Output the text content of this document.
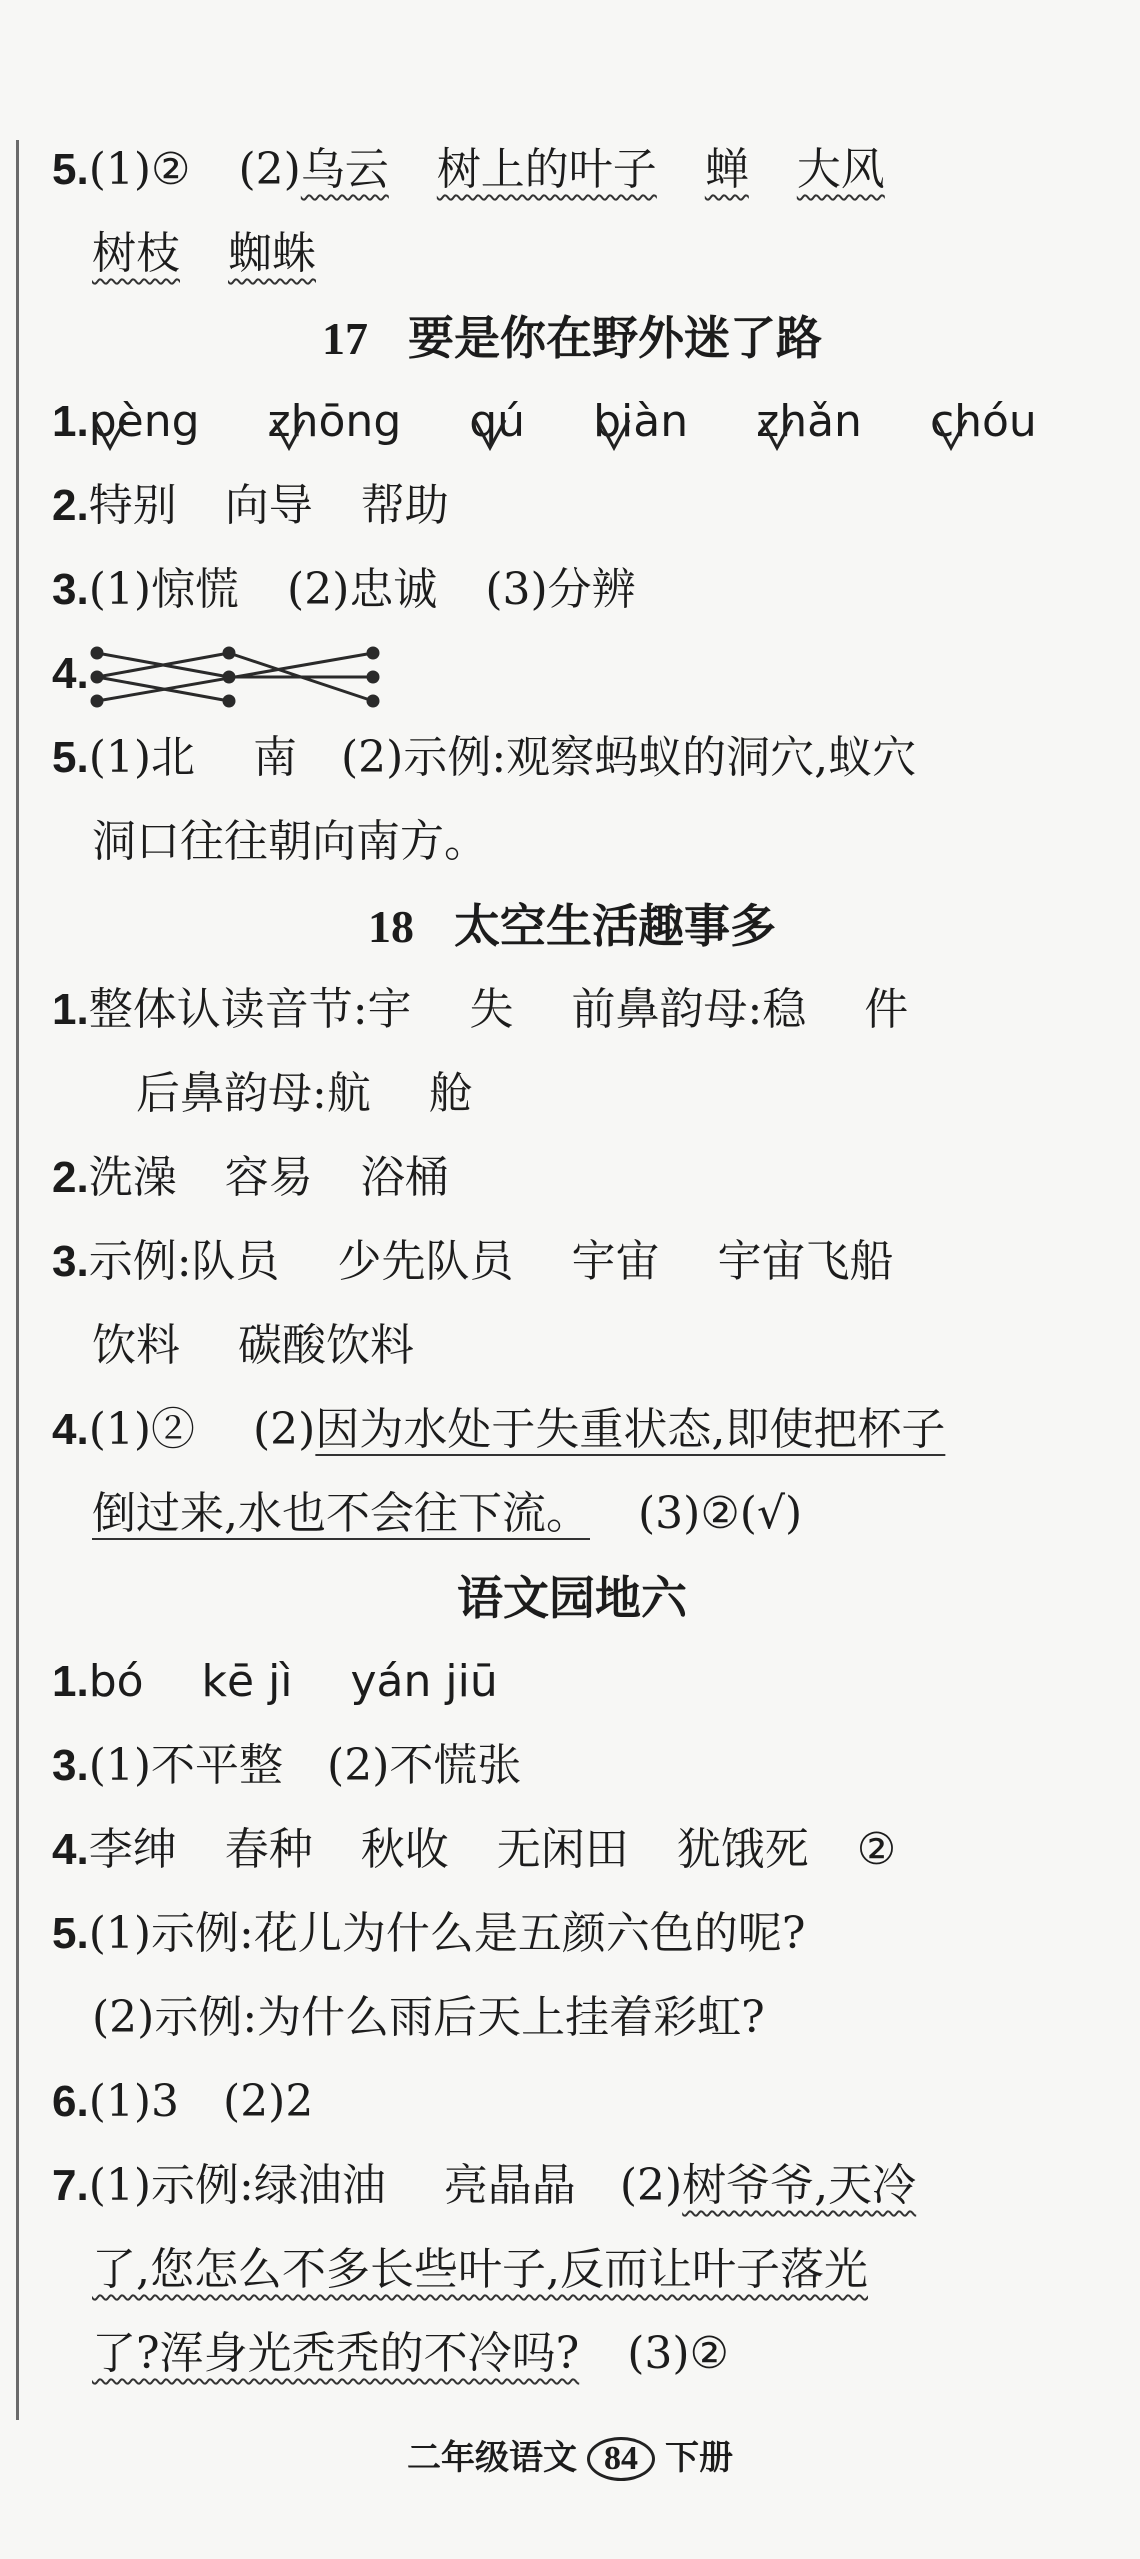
5.(1)② (2)乌云 树上的叶子 蝉 大风
树枝 蜘蛛
17 要是你在野外迷了路
1.pèng zhōng qú biàn zhǎn chóu
2.特别 向导 帮助
3.(1)惊慌 (2)忠诚 (3)分辨
4.
5.(1)北　 南　(2)示例:观察蚂蚁的洞穴,蚁穴
洞口往往朝向南方。
18 太空生活趣事多
1.整体认读音节:宇　 失　 前鼻韵母:稳　 件
后鼻韵母:航　 舱
2.洗澡 容易 浴桶
3.示例:队员　 少先队员　 宇宙　 宇宙飞船
饮料　 碳酸饮料
4.(1)②　 (2)因为水处于失重状态,即使把杯子
倒过来,水也不会往下流。 (3)②(√)
语文园地六
1.bó　 kē jì　 yán jiū
3.(1)不平整　(2)不慌张
4.李绅 春种 秋收 无闲田 犹饿死 ②
5.(1)示例:花儿为什么是五颜六色的呢?
(2)示例:为什么雨后天上挂着彩虹?
6.(1)3　(2)2
7.(1)示例:绿油油　 亮晶晶　(2)树爷爷,天冷
了,您怎么不多长些叶子,反而让叶子落光
了?浑身光秃秃的不冷吗? (3)②
二年级语文 84 下册
